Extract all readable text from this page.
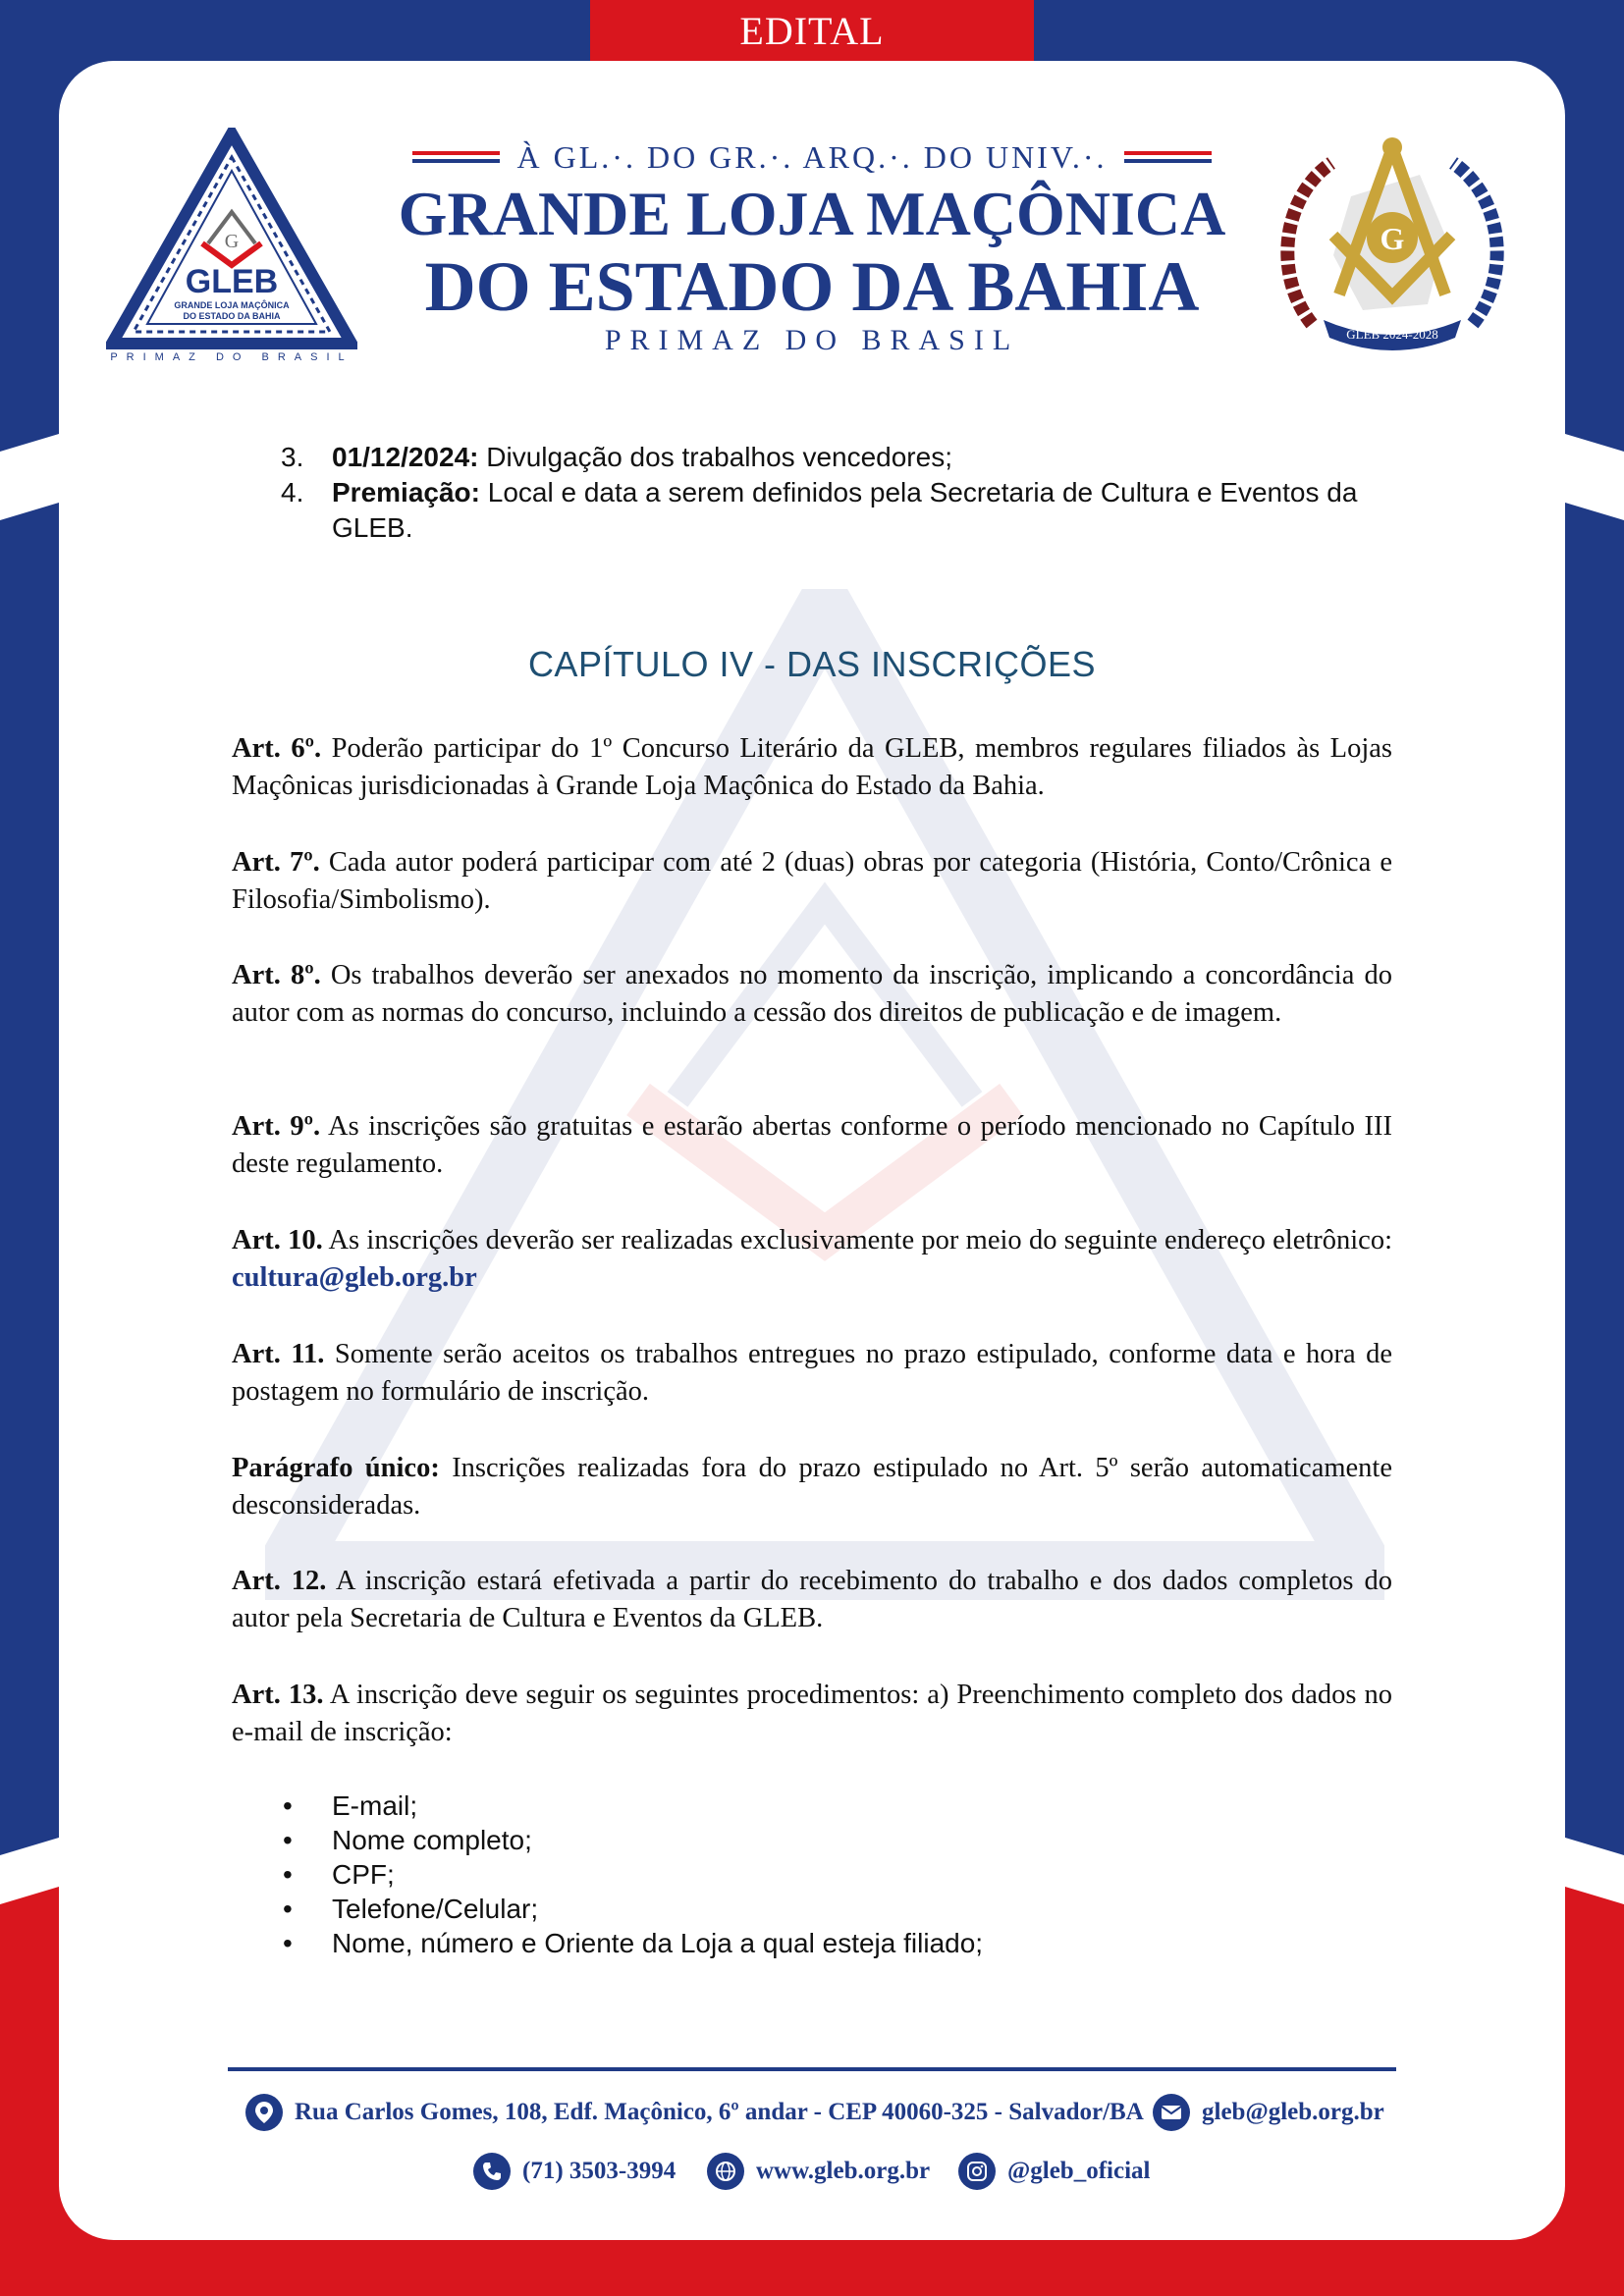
EDITAL
G
GLEB
GRANDE LOJA MAÇÔNICA
DO ESTADO DA BAHIA
PRIMAZ DO BRASIL
À GL.·. DO GR.·. ARQ.·. DO UNIV.·.
GRANDE LOJA MAÇÔNICA
DO ESTADO DA BAHIA
PRIMAZ DO BRASIL
G
GLEB 2024-2028
3. 01/12/2024: Divulgação dos trabalhos vencedores;
4. Premiação: Local e data a serem definidos pela Secretaria de Cultura e Eventos da GLEB.
CAPÍTULO IV - DAS INSCRIÇÕES
Art. 6º. Poderão participar do 1º Concurso Literário da GLEB, membros regulares filiados às Lojas Maçônicas jurisdicionadas à Grande Loja Maçônica do Estado da Bahia.
Art. 7º. Cada autor poderá participar com até 2 (duas) obras por categoria (História, Conto/Crônica e Filosofia/Simbolismo).
Art. 8º. Os trabalhos deverão ser anexados no momento da inscrição, implicando a concordância do autor com as normas do concurso, incluindo a cessão dos direitos de publicação e de imagem.
Art. 9º. As inscrições são gratuitas e estarão abertas conforme o período mencionado no Capítulo III deste regulamento.
Art. 10. As inscrições deverão ser realizadas exclusivamente por meio do seguinte endereço eletrônico: cultura@gleb.org.br
Art. 11. Somente serão aceitos os trabalhos entregues no prazo estipulado, conforme data e hora de postagem no formulário de inscrição.
Parágrafo único: Inscrições realizadas fora do prazo estipulado no Art. 5º serão automaticamente desconsideradas.
Art. 12. A inscrição estará efetivada a partir do recebimento do trabalho e dos dados completos do autor pela Secretaria de Cultura e Eventos da GLEB.
Art. 13. A inscrição deve seguir os seguintes procedimentos: a) Preenchimento completo dos dados no e-mail de inscrição:
• E-mail;
• Nome completo;
• CPF;
• Telefone/Celular;
• Nome, número e Oriente da Loja a qual esteja filiado;
Rua Carlos Gomes, 108, Edf. Maçônico, 6º andar - CEP 40060-325 - Salvador/BA gleb@gleb.org.br
(71) 3503-3994	www.gleb.org.br	@gleb_oficial
